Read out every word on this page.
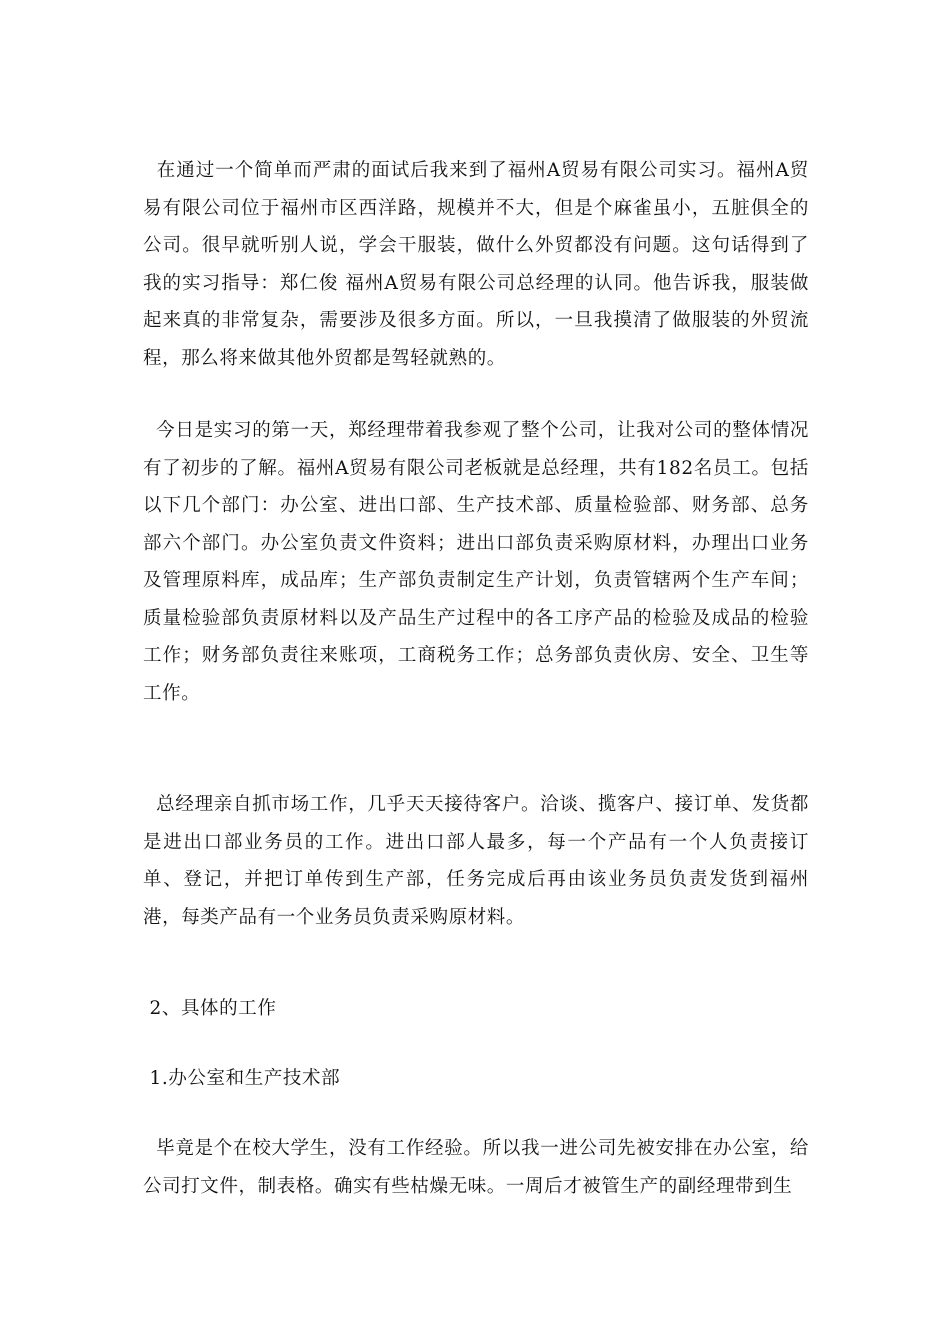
在通过一个简单而严肃的面试后我来到了福州A贸易有限公司实习。福州A贸易有限公司位于福州市区西洋路，规模并不大，但是个麻雀虽小，五脏俱全的公司。很早就听别人说，学会干服装，做什么外贸都没有问题。这句话得到了我的实习指导：郑仁俊 福州A贸易有限公司总经理的认同。他告诉我，服装做起来真的非常复杂，需要涉及很多方面。所以，一旦我摸清了做服装的外贸流程，那么将来做其他外贸都是驾轻就熟的。

今日是实习的第一天，郑经理带着我参观了整个公司，让我对公司的整体情况有了初步的了解。福州A贸易有限公司老板就是总经理，共有182名员工。包括以下几个部门：办公室、进出口部、生产技术部、质量检验部、财务部、总务部六个部门。办公室负责文件资料；进出口部负责采购原材料，办理出口业务及管理原料库，成品库；生产部负责制定生产计划，负责管辖两个生产车间；质量检验部负责原材料以及产品生产过程中的各工序产品的检验及成品的检验工作；财务部负责往来账项，工商税务工作；总务部负责伙房、安全、卫生等工作。

总经理亲自抓市场工作，几乎天天接待客户。洽谈、揽客户、接订单、发货都是进出口部业务员的工作。进出口部人最多，每一个产品有一个人负责接订单、登记，并把订单传到生产部，任务完成后再由该业务员负责发货到福州港，每类产品有一个业务员负责采购原材料。

2、具体的工作

1.办公室和生产技术部

毕竟是个在校大学生，没有工作经验。所以我一进公司先被安排在办公室，给公司打文件，制表格。确实有些枯燥无味。一周后才被管生产的副经理带到生
